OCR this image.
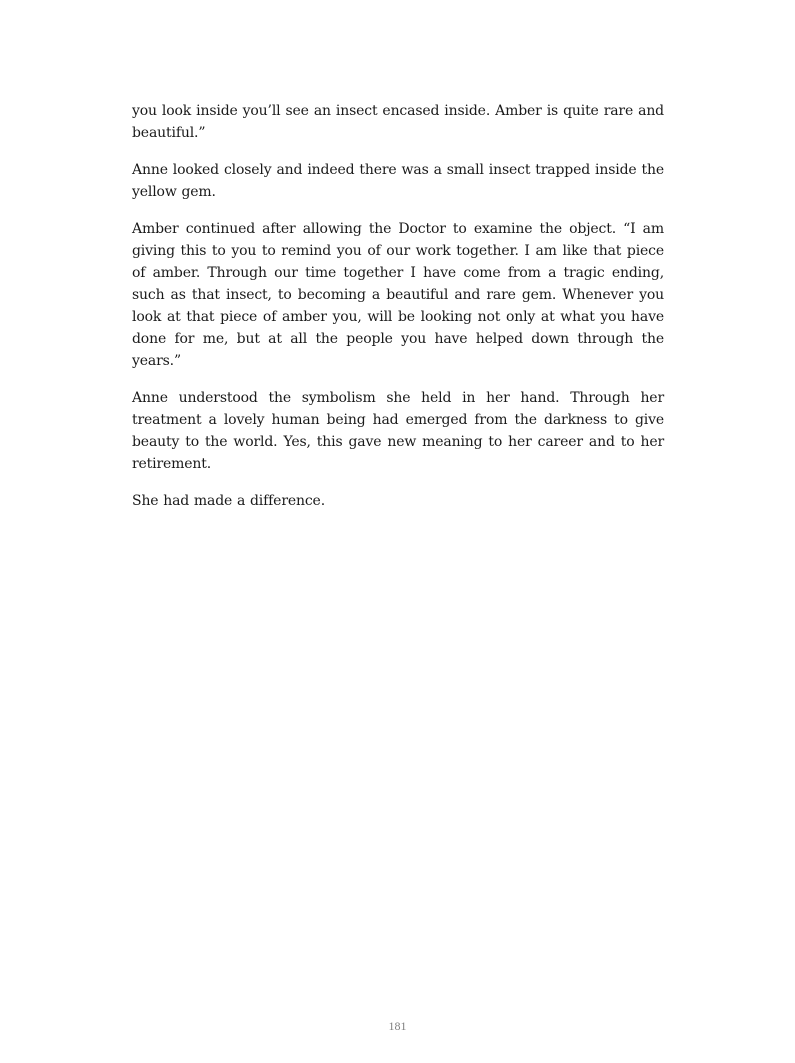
you look inside you’ll see an insect encased inside. Amber is quite rare and beautiful.”

Anne looked closely and indeed there was a small insect trapped inside the yellow gem.

Amber continued after allowing the Doctor to examine the object. “I am giving this to you to remind you of our work together. I am like that piece of amber. Through our time together I have come from a tragic ending, such as that insect, to becoming a beautiful and rare gem. Whenever you look at that piece of amber you, will be looking not only at what you have done for me, but at all the people you have helped down through the years.”

Anne understood the symbolism she held in her hand. Through her treatment a lovely human being had emerged from the darkness to give beauty to the world. Yes, this gave new meaning to her career and to her retirement.

She had made a difference.

181
